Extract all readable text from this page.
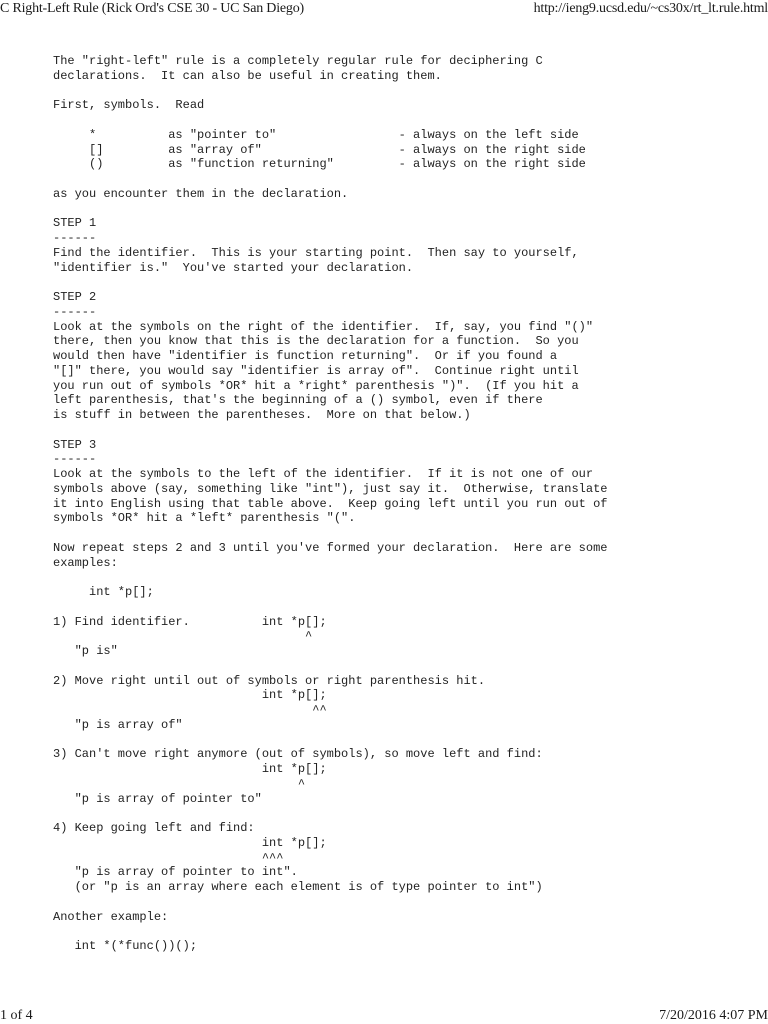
C Right-Left Rule (Rick Ord's CSE 30 - UC San Diego)	http://ieng9.ucsd.edu/~cs30x/rt_lt.rule.html
The "right-left" rule is a completely regular rule for deciphering C
declarations.  It can also be useful in creating them.

First, symbols.  Read

*          as "pointer to"                 - always on the left side
[]         as "array of"                   - always on the right side
()         as "function returning"         - always on the right side

as you encounter them in the declaration.

STEP 1
------
Find the identifier.  This is your starting point.  Then say to yourself,
"identifier is."  You've started your declaration.

STEP 2
------
Look at the symbols on the right of the identifier.  If, say, you find "()"
there, then you know that this is the declaration for a function.  So you
would then have "identifier is function returning".  Or if you found a
"[]" there, you would say "identifier is array of".  Continue right until
you run out of symbols *OR* hit a *right* parenthesis ")".  (If you hit a
left parenthesis, that's the beginning of a () symbol, even if there
is stuff in between the parentheses.  More on that below.)

STEP 3
------
Look at the symbols to the left of the identifier.  If it is not one of our
symbols above (say, something like "int"), just say it.  Otherwise, translate
it into English using that table above.  Keep going left until you run out of
symbols *OR* hit a *left* parenthesis "(".

Now repeat steps 2 and 3 until you've formed your declaration.  Here are some
examples:

int *p[];

1) Find identifier.          int *p[];
^
"p is"

2) Move right until out of symbols or right parenthesis hit.
int *p[];
^^
"p is array of"

3) Can't move right anymore (out of symbols), so move left and find:
int *p[];
^
"p is array of pointer to"

4) Keep going left and find:
int *p[];
^^^
"p is array of pointer to int".
(or "p is an array where each element is of type pointer to int")

Another example:

int *(*func())();
1 of 4	7/20/2016 4:07 PM
